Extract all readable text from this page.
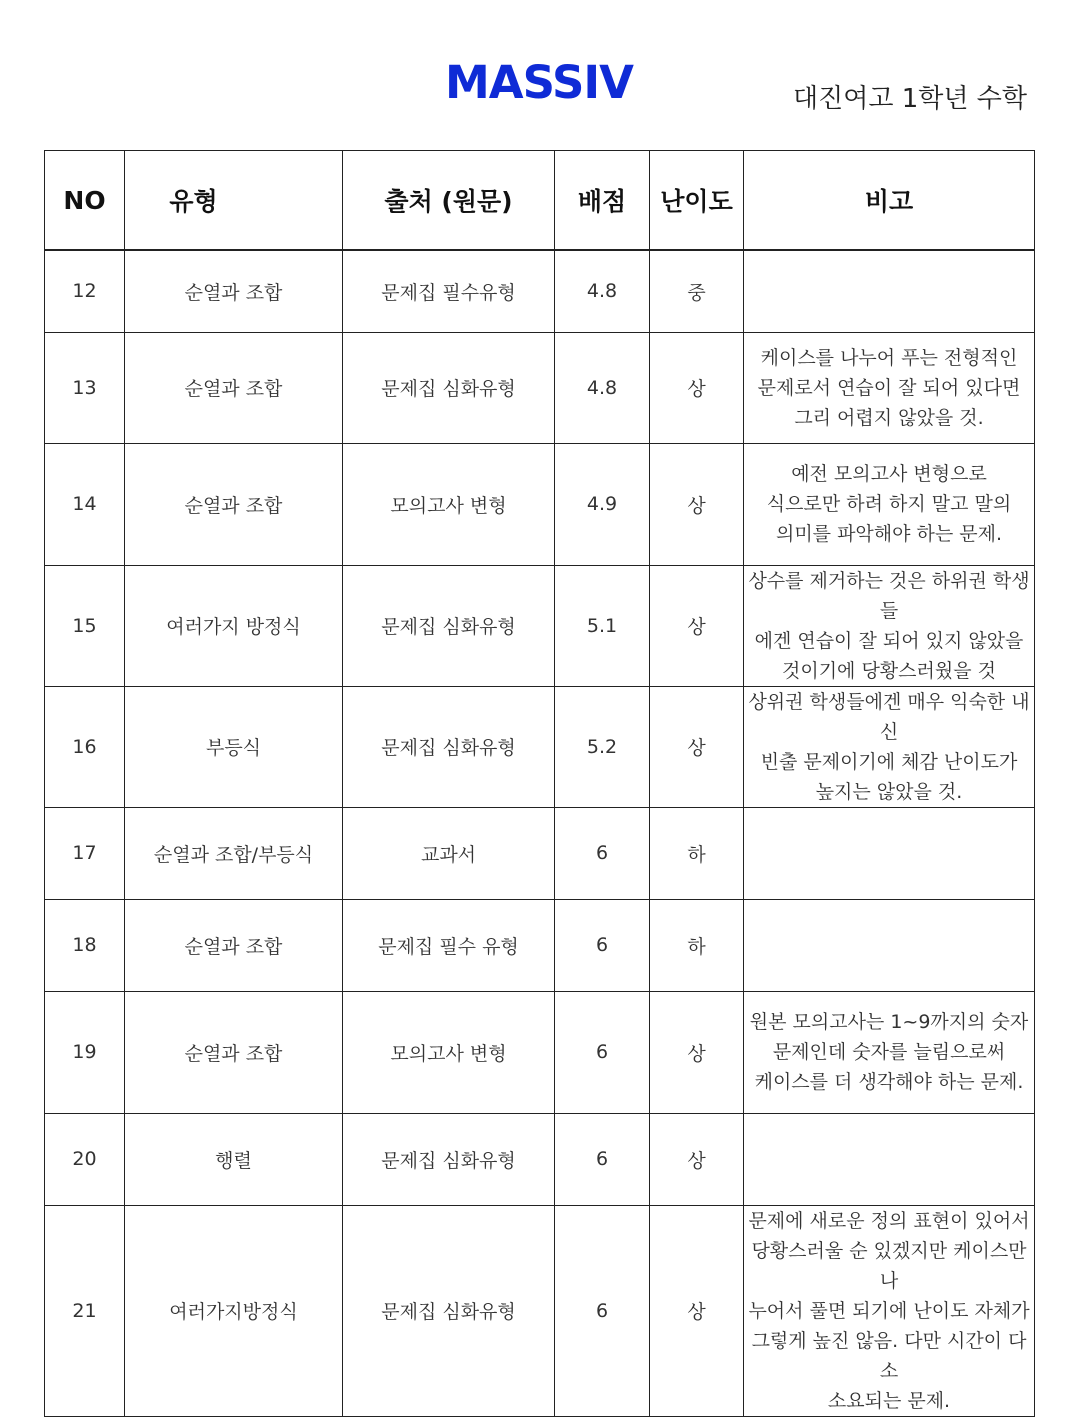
MASSIV	대진여고 1학년 수학
NO	유형	출처 (원문)	배점	난이도	비고
12	순열과 조합	문제집 필수유형	4.8	중	
13	순열과 조합	문제집 심화유형	4.8	상	케이스를 나누어 푸는 전형적인
문제로서 연습이 잘 되어 있다면
그리 어렵지 않았을 것.
14	순열과 조합	모의고사 변형	4.9	상	예전 모의고사 변형으로
식으로만 하려 하지 말고 말의
의미를 파악해야 하는 문제.
15	여러가지 방정식	문제집 심화유형	5.1	상	상수를 제거하는 것은 하위권 학생들
에겐 연습이 잘 되어 있지 않았을
것이기에 당황스러웠을 것
16	부등식	문제집 심화유형	5.2	상	상위권 학생들에겐 매우 익숙한 내신
빈출 문제이기에 체감 난이도가
높지는 않았을 것.
17	순열과 조합/부등식	교과서	6	하	
18	순열과 조합	문제집 필수 유형	6	하	
19	순열과 조합	모의고사 변형	6	상	원본 모의고사는 1~9까지의 숫자
문제인데 숫자를 늘림으로써
케이스를 더 생각해야 하는 문제.
20	행렬	문제집 심화유형	6	상	
21	여러가지방정식	문제집 심화유형	6	상	문제에 새로운 정의 표현이 있어서
당황스러울 순 있겠지만 케이스만 나
누어서 풀면 되기에 난이도 자체가
그렇게 높진 않음. 다만 시간이 다소
소요되는 문제.
